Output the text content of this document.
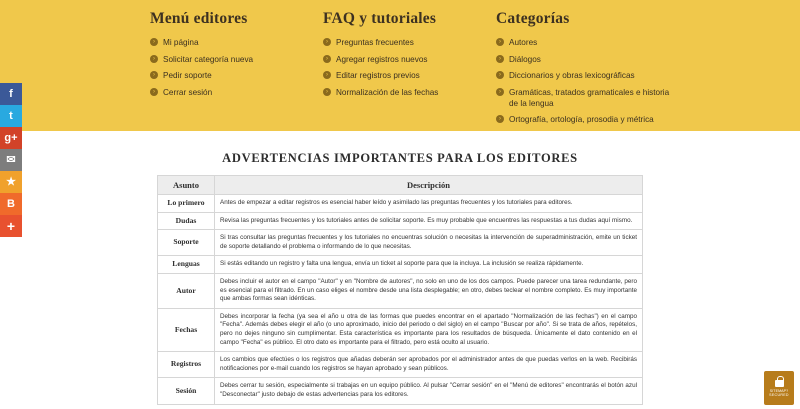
Menú editores
› Mi página
› Solicitar categoría nueva
› Pedir soporte
› Cerrar sesión
FAQ y tutoriales
› Preguntas frecuentes
› Agregar registros nuevos
› Editar registros previos
› Normalización de las fechas
Categorías
› Autores
› Diálogos
› Diccionarios y obras lexicográficas
› Gramáticas, tratados gramaticales e historia de la lengua
› Ortografía, ortología, prosodia y métrica
f
t
g+
✉
★
B
+
ADVERTENCIAS IMPORTANTES PARA LOS EDITORES
Asunto	Descripción
Lo primero	Antes de empezar a editar registros es esencial haber leído y asimilado las preguntas frecuentes y los tutoriales para editores.
Dudas	Revisa las preguntas frecuentes y los tutoriales antes de solicitar soporte. Es muy probable que encuentres las respuestas a tus dudas aquí mismo.
Soporte	Si tras consultar las preguntas frecuentes y los tutoriales no encuentras solución o necesitas la intervención de superadministración, emite un ticket de soporte detallando el problema o informando de lo que necesitas.
Lenguas	Si estás editando un registro y falta una lengua, envía un ticket al soporte para que la incluya. La inclusión se realiza rápidamente.
Autor	Debes incluir el autor en el campo "Autor" y en "Nombre de autores", no solo en uno de los dos campos. Puede parecer una tarea redundante, pero es esencial para el filtrado. En un caso eliges el nombre desde una lista desplegable; en otro, debes teclear el nombre completo. Es muy importante que ambas formas sean idénticas.
Fechas	Debes incorporar la fecha (ya sea el año u otra de las formas que puedes encontrar en el apartado "Normalización de las fechas") en el campo "Fecha". Además debes elegir el año (o uno aproximado, inicio del periodo o del siglo) en el campo "Buscar por año". Si se trata de años, repételos, pero no dejes ninguno sin cumplimentar. Esta característica es importante para los resultados de búsqueda. Únicamente el dato contenido en el campo "Fecha" es público. El otro dato es importante para el filtrado, pero está oculto al usuario.
Registros	Los cambios que efectúes o los registros que añadas deberán ser aprobados por el administrador antes de que puedas verlos en la web. Recibirás notificaciones por e-mail cuando los registros se hayan aprobado y sean públicos.
Sesión	Debes cerrar tu sesión, especialmente si trabajas en un equipo público. Al pulsar "Cerrar sesión" en el "Menú de editores" encontrarás el botón azul "Desconectar" justo debajo de estas advertencias para los editores.
SITEMAP?
SECURED
